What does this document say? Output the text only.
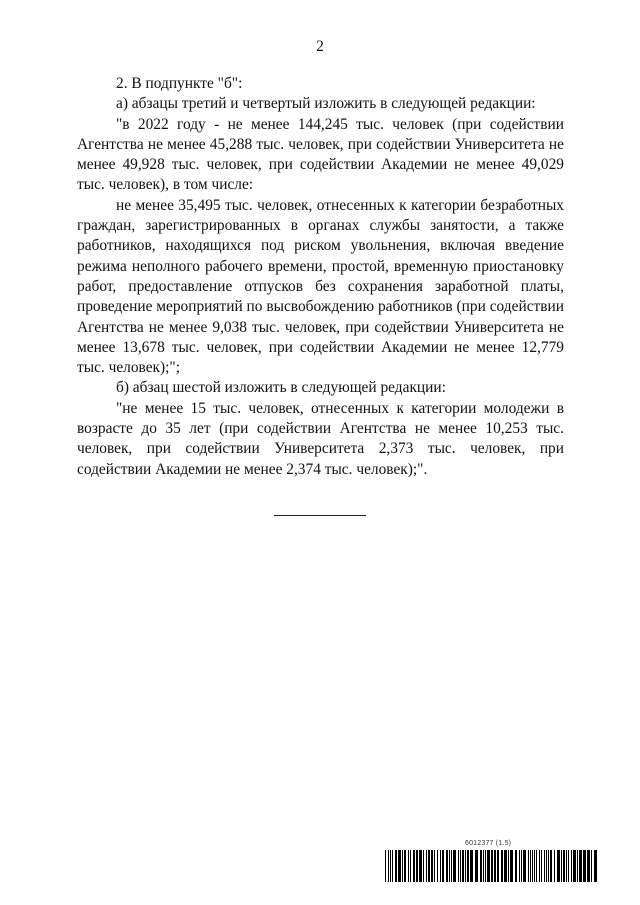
2

2. В подпункте "б":

а) абзацы третий и четвертый изложить в следующей редакции:

"в 2022 году - не менее 144,245 тыс. человек (при содействии Агентства не менее 45,288 тыс. человек, при содействии Университета не менее 49,928 тыс. человек, при содействии Академии не менее 49,029 тыс. человек), в том числе:

не менее 35,495 тыс. человек, отнесенных к категории безработных граждан, зарегистрированных в органах службы занятости, а также работников, находящихся под риском увольнения, включая введение режима неполного рабочего времени, простой, временную приостановку работ, предоставление отпусков без сохранения заработной платы, проведение мероприятий по высвобождению работников (при содействии Агентства не менее 9,038 тыс. человек, при содействии Университета не менее 13,678 тыс. человек, при содействии Академии не менее 12,779 тыс. человек);";

б) абзац шестой изложить в следующей редакции:

"не менее 15 тыс. человек, отнесенных к категории молодежи в возрасте до 35 лет (при содействии Агентства не менее 10,253 тыс. человек, при содействии Университета 2,373 тыс. человек, при содействии Академии не менее 2,374 тыс. человек);".

6012377 (1.5)
